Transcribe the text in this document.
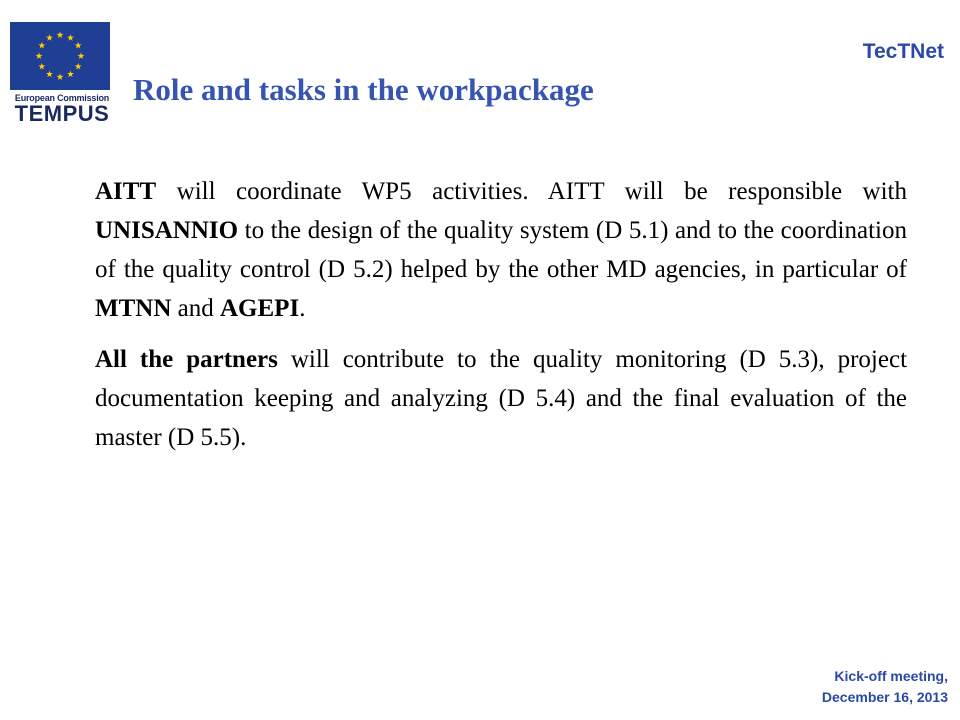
European Commission
TEMPUS
TecTNet
Role and tasks in the workpackage

AITT will coordinate WP5 activities. AITT will be responsible with UNISANNIO to the design of the quality system (D 5.1) and to the coordination of the quality control (D 5.2) helped by the other MD agencies, in particular of MTNN and AGEPI.

All the partners will contribute to the quality monitoring (D 5.3), project documentation keeping and analyzing (D 5.4) and the final evaluation of the master (D 5.5).

Kick-off meeting,
December 16, 2013
